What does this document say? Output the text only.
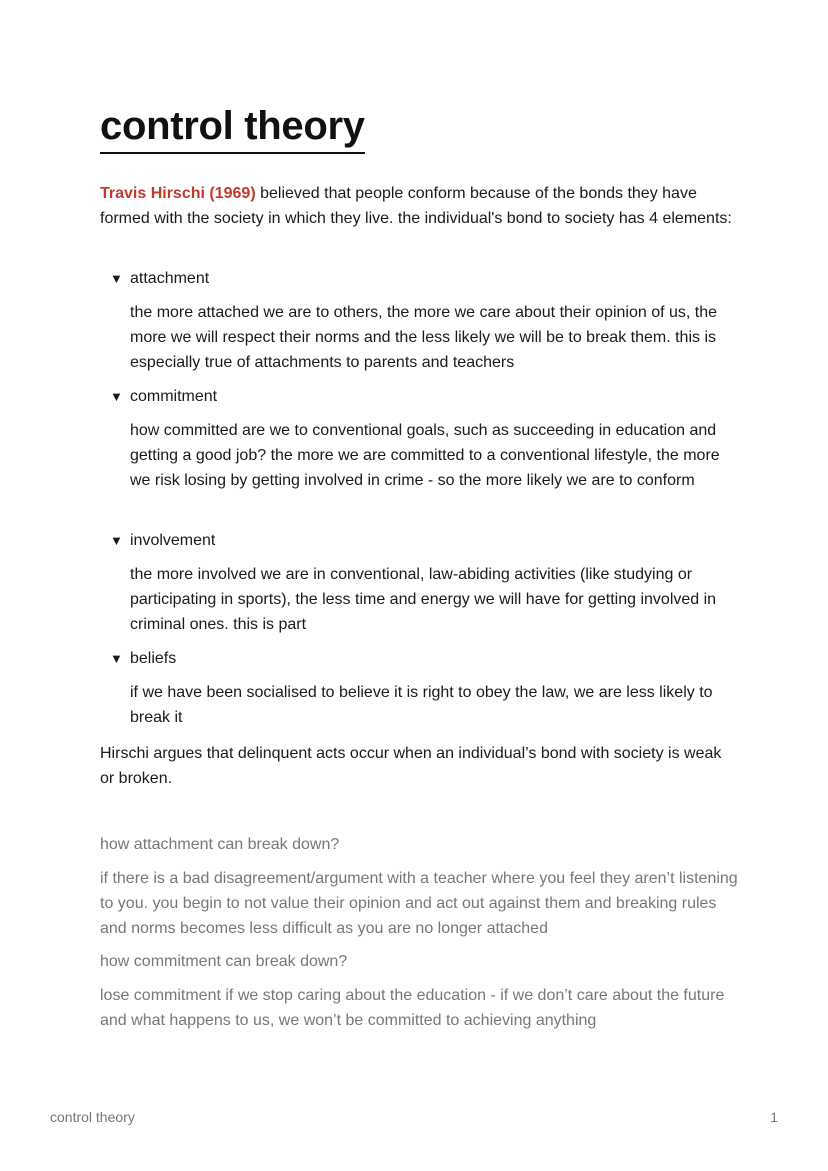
control theory

Travis Hirschi (1969) believed that people conform because of the bonds they have formed with the society in which they live. the individual's bond to society has 4 elements:

▼ attachment

the more attached we are to others, the more we care about their opinion of us, the more we will respect their norms and the less likely we will be to break them. this is especially true of attachments to parents and teachers

▼ commitment

how committed are we to conventional goals, such as succeeding in education and getting a good job? the more we are committed to a conventional lifestyle, the more we risk losing by getting involved in crime - so the more likely we are to conform

▼ involvement

the more involved we are in conventional, law-abiding activities (like studying or participating in sports), the less time and energy we will have for getting involved in criminal ones. this is part

▼ beliefs

if we have been socialised to believe it is right to obey the law, we are less likely to break it

Hirschi argues that delinquent acts occur when an individual’s bond with society is weak or broken.

how attachment can break down?

if there is a bad disagreement/argument with a teacher where you feel they aren’t listening to you. you begin to not value their opinion and act out against them and breaking rules and norms becomes less difficult as you are no longer attached

how commitment can break down?

lose commitment if we stop caring about the education - if we don’t care about the future and what happens to us, we won’t be committed to achieving anything

control theory	1
